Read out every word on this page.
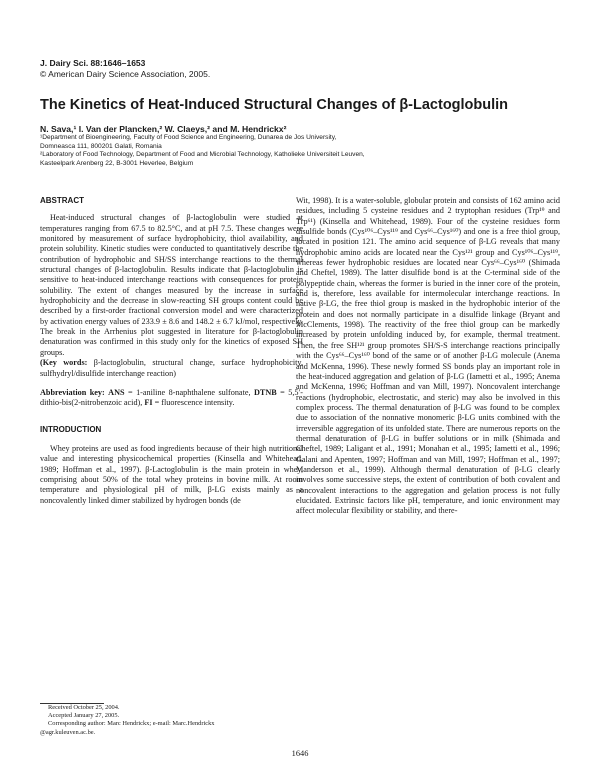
J. Dairy Sci. 88:1646–1653
© American Dairy Science Association, 2005.
The Kinetics of Heat-Induced Structural Changes of β-Lactoglobulin
N. Sava,¹ I. Van der Plancken,² W. Claeys,² and M. Hendrickx²
¹Department of Bioengineering, Faculty of Food Science and Engineering, Dunarea de Jos University,
Domneasca 111, 800201 Galati, Romania
²Laboratory of Food Technology, Department of Food and Microbial Technology, Katholieke Universiteit Leuven,
Kasteelpark Arenberg 22, B-3001 Heverlee, Belgium

ABSTRACT

Heat-induced structural changes of β-lactoglobulin were studied at temperatures ranging from 67.5 to 82.5°C, and at pH 7.5. These changes were monitored by measurement of surface hydrophobicity, thiol availability, and protein solubility. Kinetic studies were conducted to quantitatively describe the contribution of hydrophobic and SH/SS interchange reactions to the thermal structural changes of β-lactoglobulin. Results indicate that β-lactoglobulin is sensitive to heat-induced interchange reactions with consequences for protein solubility. The extent of changes measured by the increase in surface hydrophobicity and the decrease in slow-reacting SH groups content could be described by a first-order fractional conversion model and were characterized by activation energy values of 233.9 ± 8.6 and 148.2 ± 6.7 kJ/mol, respectively. The break in the Arrhenius plot suggested in literature for β-lactoglobulin denaturation was confirmed in this study only for the kinetics of exposed SH groups.

(Key words: β-lactoglobulin, structural change, surface hydrophobicity, sulfhydryl/disulfide interchange reaction)

Abbreviation key: ANS = 1-aniline 8-naphthalene sulfonate, DTNB = 5,5′-dithio-bis(2-nitrobenzoic acid), FI = fluorescence intensity.

INTRODUCTION

Whey proteins are used as food ingredients because of their high nutritional value and interesting physicochemical properties (Kinsella and Whitehead, 1989; Hoffman et al., 1997). β-Lactoglobulin is the main protein in whey, comprising about 50% of the total whey proteins in bovine milk. At room temperature and physiological pH of milk, β-LG exists mainly as a noncovalently linked dimer stabilized by hydrogen bonds (de

Wit, 1998). It is a water-soluble, globular protein and consists of 162 amino acid residues, including 5 cysteine residues and 2 tryptophan residues (Trp¹⁹ and Trp⁶¹) (Kinsella and Whitehead, 1989). Four of the cysteine residues form disulfide bonds (Cys¹⁰⁶–Cys¹¹⁹ and Cys⁶⁶–Cys¹⁶⁰) and one is a free thiol group, located in position 121. The amino acid sequence of β-LG reveals that many hydrophobic amino acids are located near the Cys¹²¹ group and Cys¹⁰⁶–Cys¹¹⁹, whereas fewer hydrophobic residues are located near Cys⁶⁶–Cys¹⁶⁰ (Shimada and Cheftel, 1989). The latter disulfide bond is at the C-terminal side of the polypeptide chain, whereas the former is buried in the inner core of the protein, and is, therefore, less available for intermolecular interchange reactions. In native β-LG, the free thiol group is masked in the hydrophobic interior of the protein and does not normally participate in a disulfide linkage (Bryant and McClements, 1998). The reactivity of the free thiol group can be markedly increased by protein unfolding induced by, for example, thermal treatment. Then, the free SH¹²¹ group promotes SH/S-S interchange reactions principally with the Cys⁶⁶–Cys¹⁶⁰ bond of the same or of another β-LG molecule (Anema and McKenna, 1996). These newly formed SS bonds play an important role in the heat-induced aggregation and gelation of β-LG (Iametti et al., 1995; Anema and McKenna, 1996; Hoffman and van Mill, 1997). Noncovalent interchange reactions (hydrophobic, electrostatic, and steric) may also be involved in this complex process. The thermal denaturation of β-LG was found to be complex due to association of the nonnative monomeric β-LG units combined with the irreversible aggregation of its unfolded state. There are numerous reports on the thermal denaturation of β-LG in buffer solutions or in milk (Shimada and Cheftel, 1989; Laligant et al., 1991; Monahan et al., 1995; Iametti et al., 1996; Galani and Apenten, 1997; Hoffman and van Mill, 1997; Hoffman et al., 1997; Manderson et al., 1999). Although thermal denaturation of β-LG clearly involves some successive steps, the extent of contribution of both covalent and noncovalent interactions to the aggregation and gelation process is not fully elucidated. Extrinsic factors like pH, temperature, and ionic environment may affect molecular flexibility or stability, and there-

Received October 25, 2004.
Accepted January 27, 2005.
Corresponding author: Marc Hendrickx; e-mail: Marc.Hendrickx
@agr.kuleuven.ac.be.
1646
